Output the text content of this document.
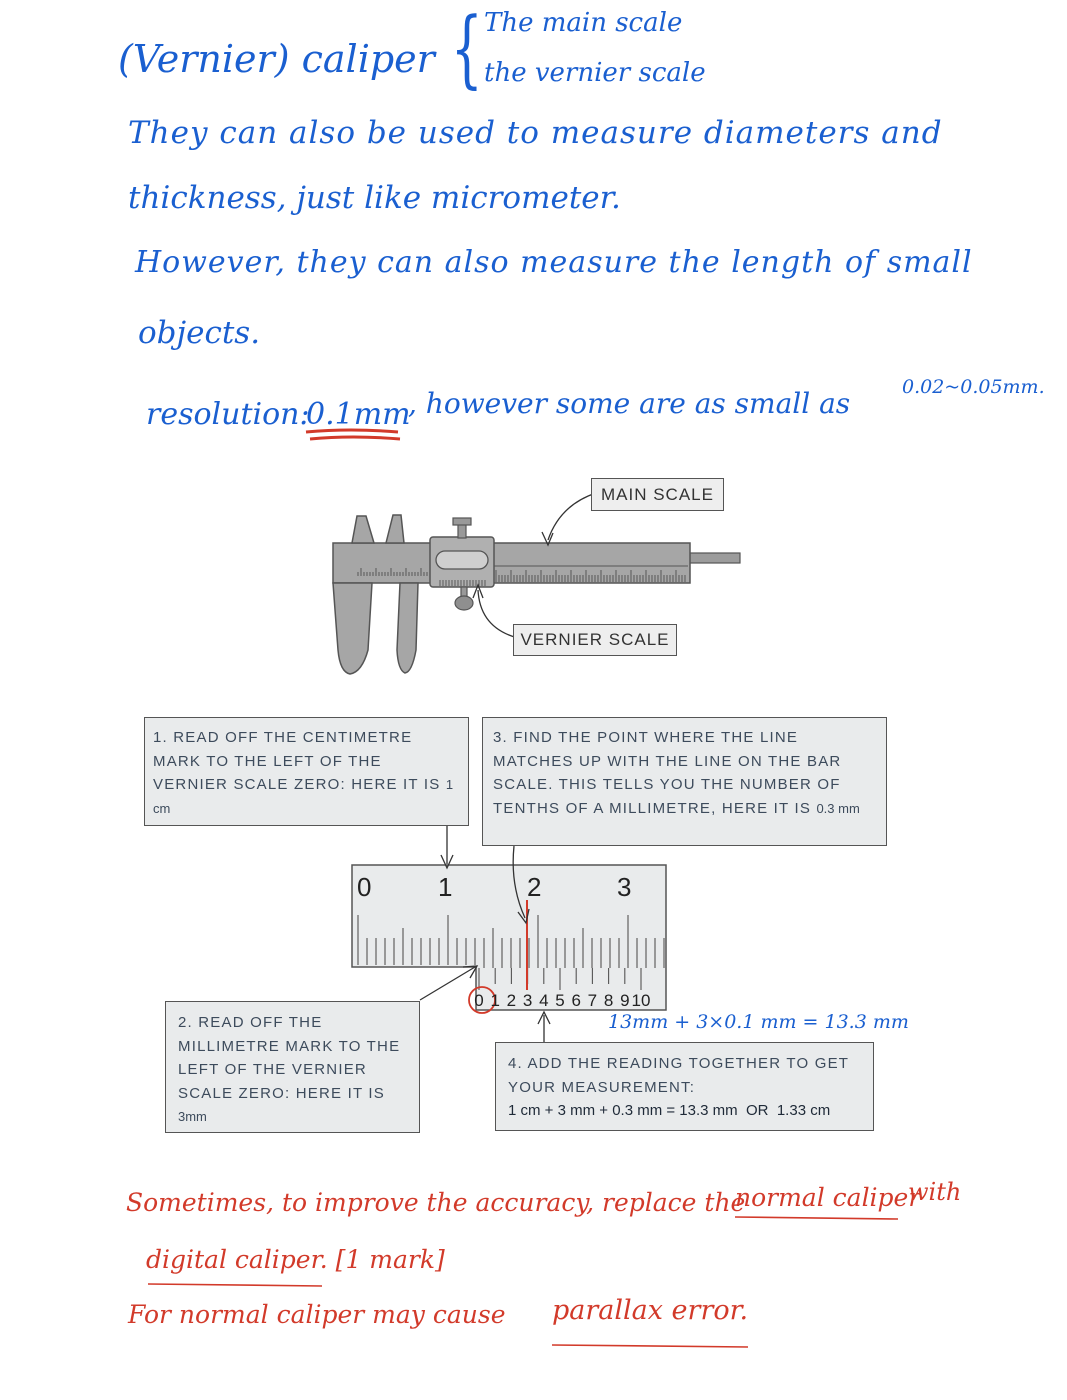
(Vernier) caliper { The main scale
the vernier scale
They can also be used to measure diameters and
thickness, just like micrometer.
However, they can also measure the length of small
objects.
resolution:
0.1mm
, however some are as small as	0.02~0.05mm.
0	1	2	3
0 1 2 3 4 5 6 7 8 9 10
MAIN SCALE
VERNIER SCALE

1. READ OFF THE CENTIMETRE MARK TO THE LEFT OF THE VERNIER SCALE ZERO: HERE IT IS 1 cm

3. FIND THE POINT WHERE THE LINE MATCHES UP WITH THE LINE ON THE BAR SCALE. THIS TELLS YOU THE NUMBER OF TENTHS OF A MILLIMETRE, HERE IT IS 0.3 mm

2. READ OFF THE MILLIMETRE MARK TO THE LEFT OF THE VERNIER SCALE ZERO: HERE IT IS 3mm

4. ADD THE READING TOGETHER TO GET YOUR MEASUREMENT:

1 cm + 3 mm + 0.3 mm = 13.3 mm OR 1.33 cm

13mm + 3×0.1 mm = 13.3 mm
Sometimes, to improve the accuracy, replace the
normal caliper
with
digital caliper. [1 mark]
For normal caliper may cause parallax error.
